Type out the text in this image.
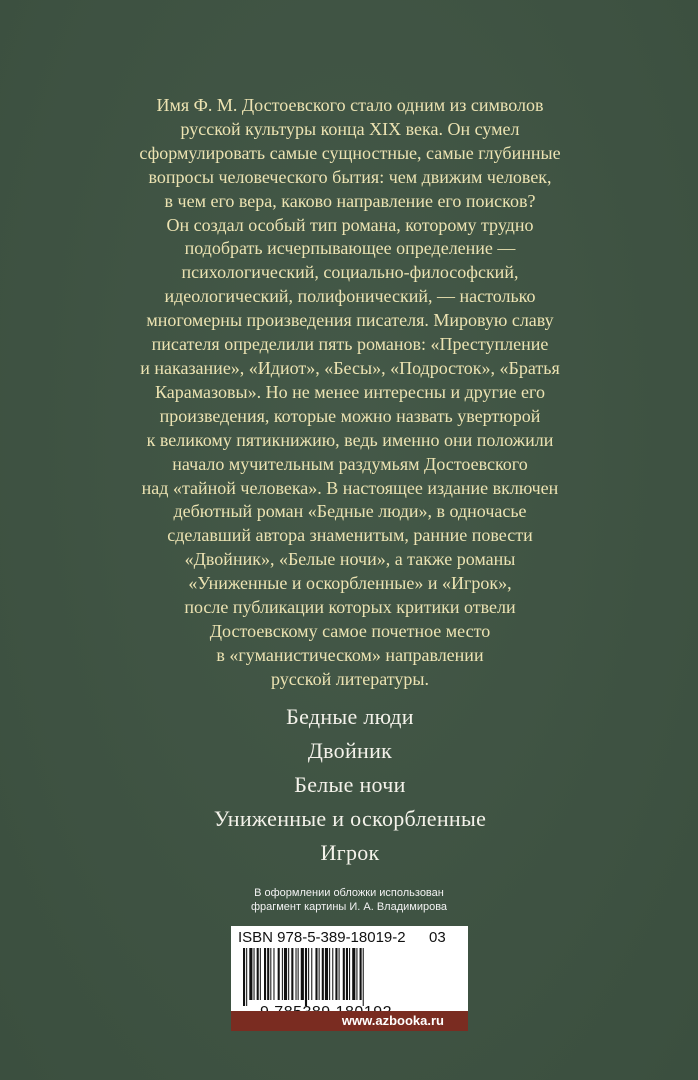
Имя Ф. М. Достоевского стало одним из символов
русской культуры конца XIX века. Он сумел
сформулировать самые сущностные, самые глубинные
вопросы человеческого бытия: чем движим человек,
в чем его вера, каково направление его поисков?
Он создал особый тип романа, которому трудно
подобрать исчерпывающее определение —
психологический, социально-философский,
идеологический, полифонический, — настолько
многомерны произведения писателя. Мировую славу
писателя определили пять романов: «Преступление
и наказание», «Идиот», «Бесы», «Подросток», «Братья
Карамазовы». Но не менее интересны и другие его
произведения, которые можно назвать увертюрой
к великому пятикнижию, ведь именно они положили
начало мучительным раздумьям Достоевского
над «тайной человека». В настоящее издание включен
дебютный роман «Бедные люди», в одночасье
сделавший автора знаменитым, ранние повести
«Двойник», «Белые ночи», а также романы
«Униженные и оскорбленные» и «Игрок»,
после публикации которых критики отвели
Достоевскому самое почетное место
в «гуманистическом» направлении
русской литературы.
Бедные люди
Двойник
Белые ночи
Униженные и оскорбленные
Игрок
В оформлении обложки использован
фрагмент картины И. А. Владимирова
ISBN 978-5-389-18019-2 03
www.azbooka.ru
